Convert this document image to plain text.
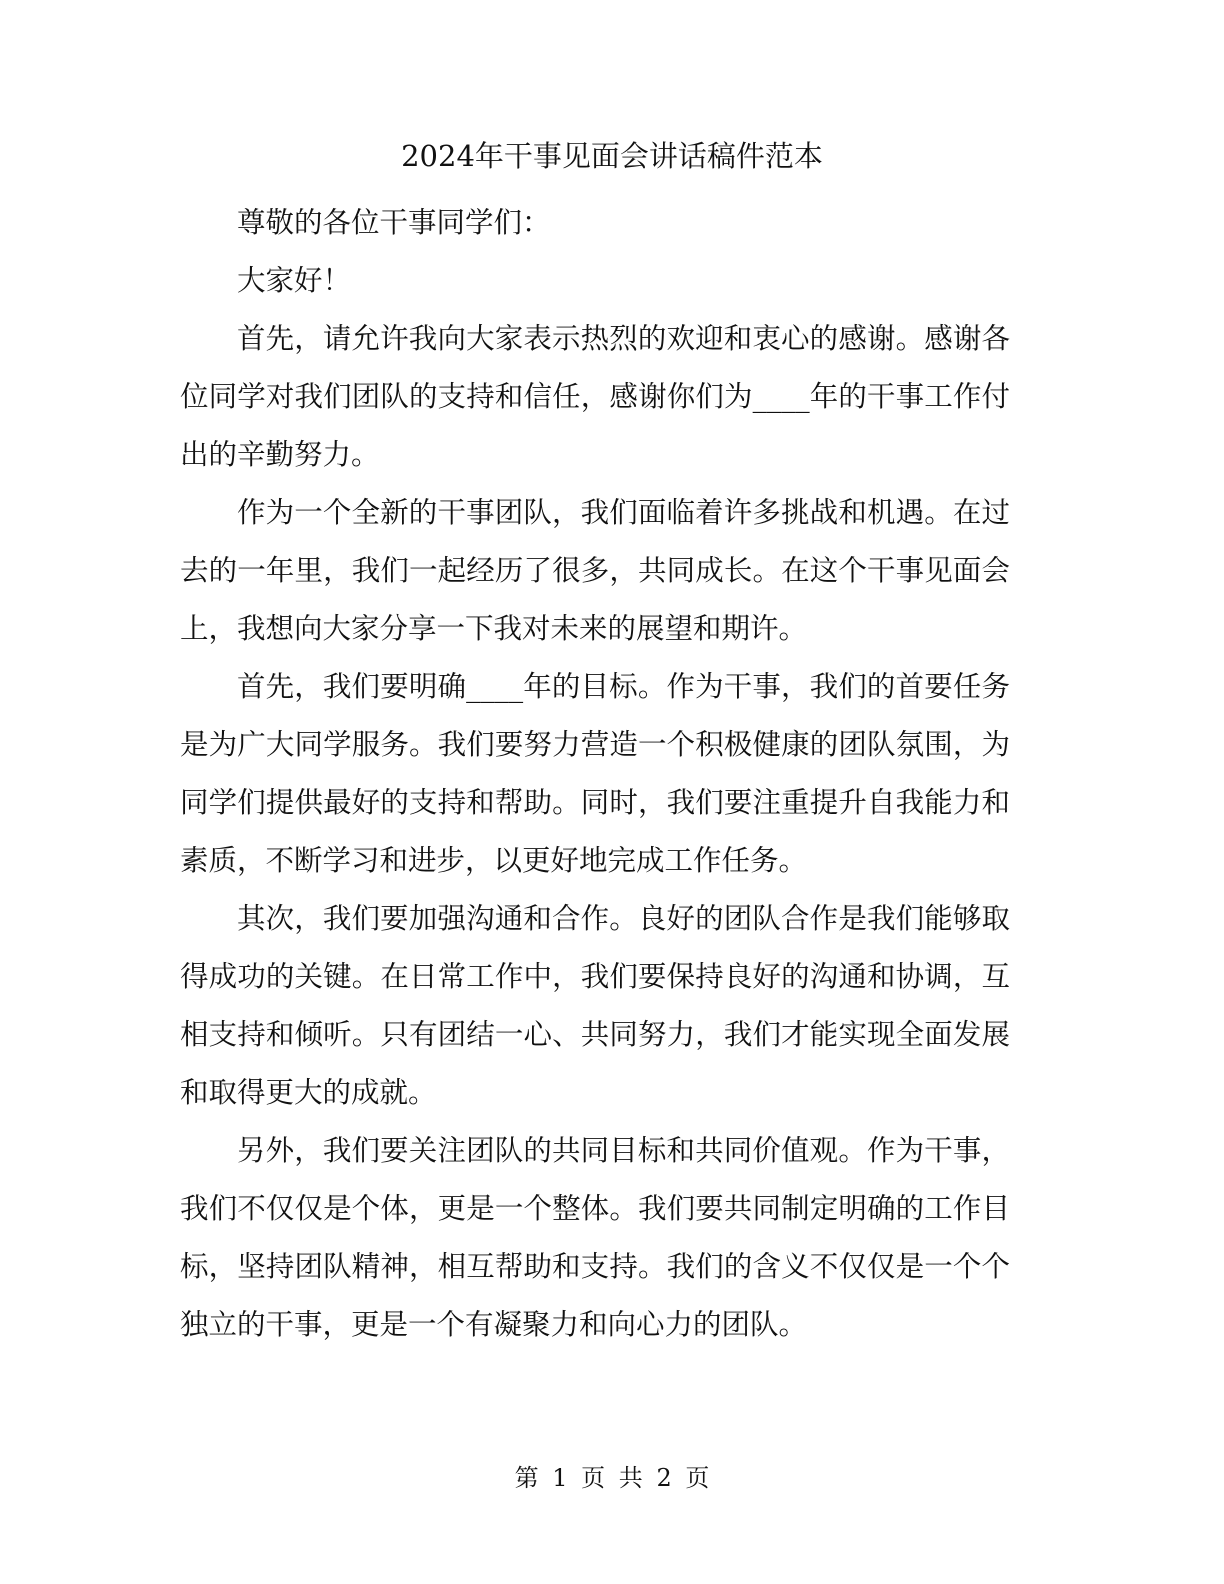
2024年干事见面会讲话稿件范本

尊敬的各位干事同学们：

大家好！

首先，请允许我向大家表示热烈的欢迎和衷心的感谢。感谢各位同学对我们团队的支持和信任，感谢你们为____年的干事工作付出的辛勤努力。

作为一个全新的干事团队，我们面临着许多挑战和机遇。在过去的一年里，我们一起经历了很多，共同成长。在这个干事见面会上，我想向大家分享一下我对未来的展望和期许。

首先，我们要明确____年的目标。作为干事，我们的首要任务是为广大同学服务。我们要努力营造一个积极健康的团队氛围，为同学们提供最好的支持和帮助。同时，我们要注重提升自我能力和素质，不断学习和进步，以更好地完成工作任务。

其次，我们要加强沟通和合作。良好的团队合作是我们能够取得成功的关键。在日常工作中，我们要保持良好的沟通和协调，互相支持和倾听。只有团结一心、共同努力，我们才能实现全面发展和取得更大的成就。

另外，我们要关注团队的共同目标和共同价值观。作为干事，我们不仅仅是个体，更是一个整体。我们要共同制定明确的工作目标，坚持团队精神，相互帮助和支持。我们的含义不仅仅是一个个独立的干事，更是一个有凝聚力和向心力的团队。

第 1 页 共 2 页
